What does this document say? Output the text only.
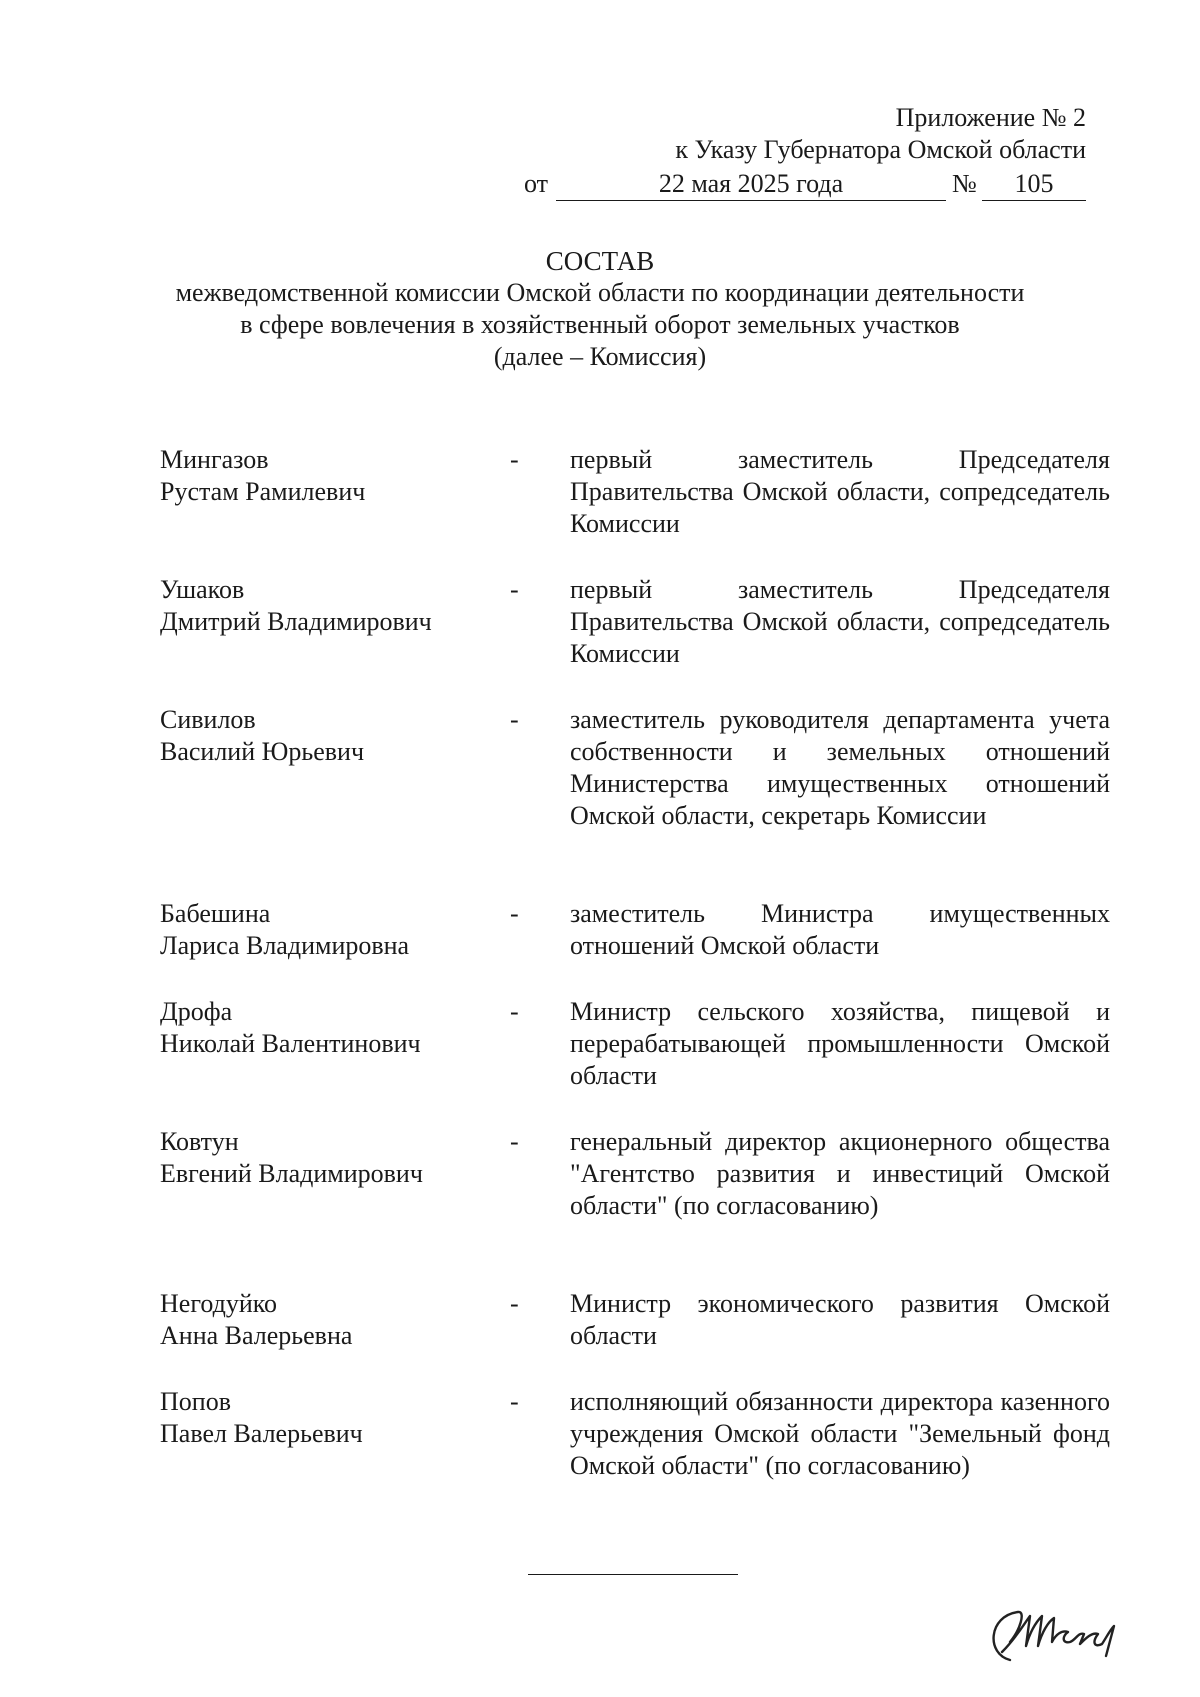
Приложение № 2
к Указу Губернатора Омской области
от	22 мая 2025 года	№	105
СОСТАВ
межведомственной комиссии Омской области по координации деятельности
в сфере вовлечения в хозяйственный оборот земельных участков
(далее – Комиссия)
Мингазов
Рустам Рамилевич
-	первый заместитель Председателя Правительства Омской области, сопредседатель Комиссии
Ушаков
Дмитрий Владимирович
-	первый заместитель Председателя Правительства Омской области, сопредседатель Комиссии
Сивилов
Василий Юрьевич
-	заместитель руководителя департамента учета собственности и земельных отношений Министерства имущественных отношений Омской области, секретарь Комиссии
Бабешина
Лариса Владимировна
-	заместитель Министра имущественных отношений Омской области
Дрофа
Николай Валентинович
-	Министр сельского хозяйства, пищевой и перерабатывающей промышленности Омской области
Ковтун
Евгений Владимирович
-	генеральный директор акционерного общества "Агентство развития и инвестиций Омской области" (по согласованию)
Негодуйко
Анна Валерьевна
-	Министр экономического развития Омской области
Попов
Павел Валерьевич
-	исполняющий обязанности директора казенного учреждения Омской области "Земельный фонд Омской области" (по согласованию)
